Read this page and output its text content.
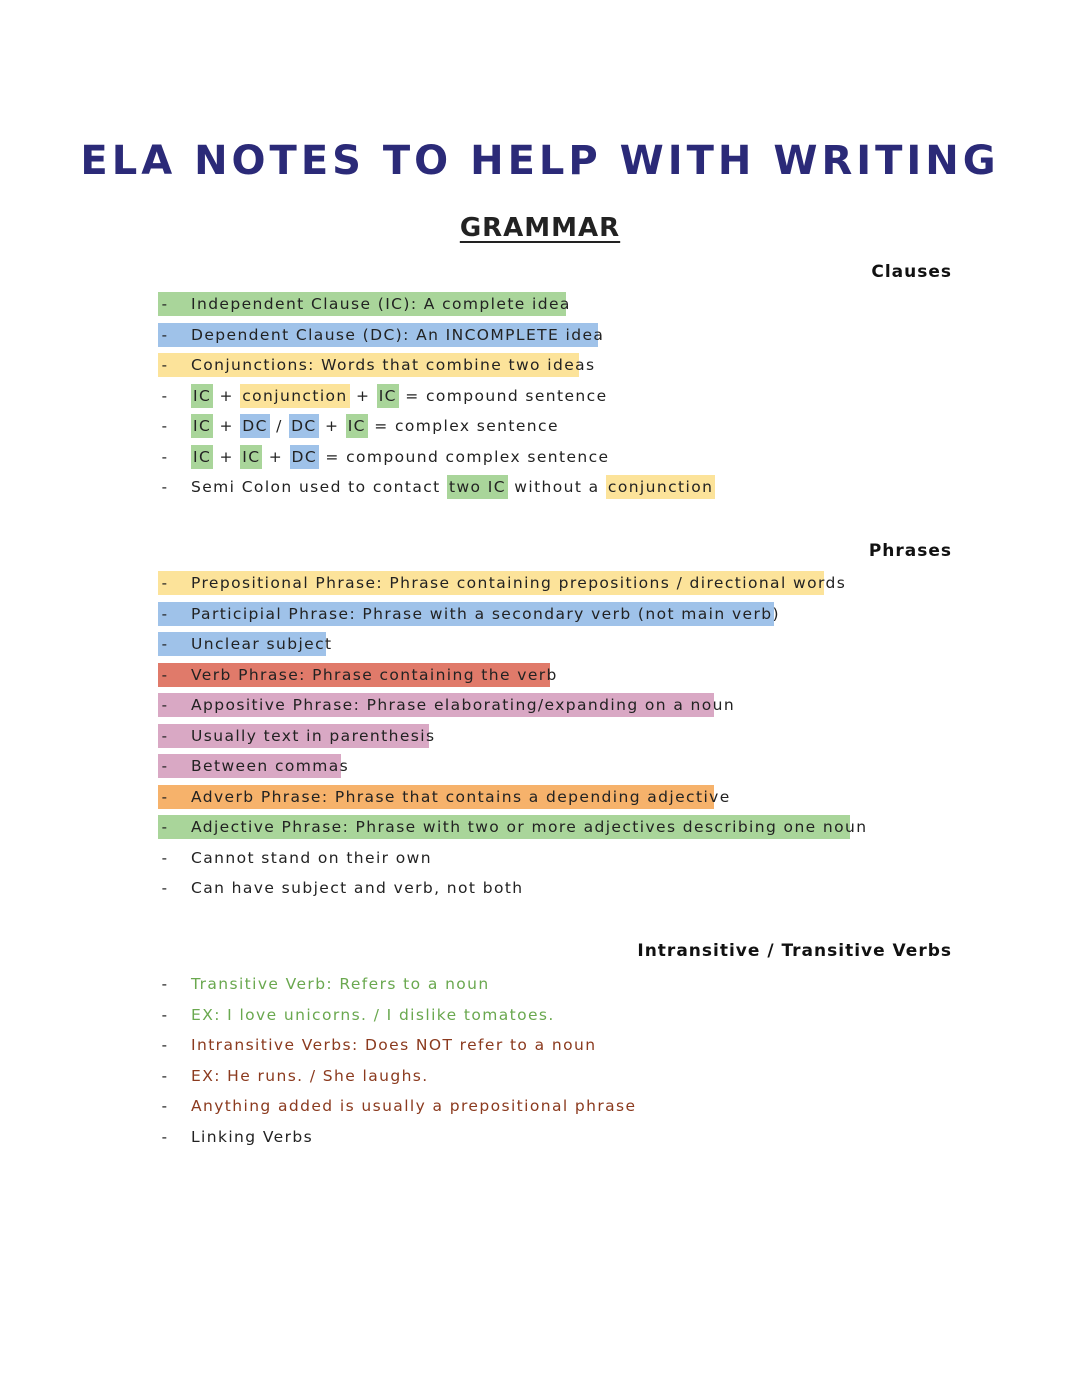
ELA NOTES TO HELP WITH WRITING
GRAMMAR
Clauses
- Independent Clause (IC): A complete idea
- Dependent Clause (DC): An INCOMPLETE idea
- Conjunctions: Words that combine two ideas
- IC + conjunction + IC = compound sentence
- IC + DC / DC + IC = complex sentence
- IC + IC + DC = compound complex sentence
- Semi Colon used to contact two IC without a conjunction
Phrases
- Prepositional Phrase: Phrase containing prepositions / directional words
- Participial Phrase: Phrase with a secondary verb (not main verb)
- Unclear subject
- Verb Phrase: Phrase containing the verb
- Appositive Phrase: Phrase elaborating/expanding on a noun
- Usually text in parenthesis
- Between commas
- Adverb Phrase: Phrase that contains a depending adjective
- Adjective Phrase: Phrase with two or more adjectives describing one noun
- Cannot stand on their own
- Can have subject and verb, not both
Intransitive / Transitive Verbs
- Transitive Verb: Refers to a noun
- EX: I love unicorns. / I dislike tomatoes.
- Intransitive Verbs: Does NOT refer to a noun
- EX: He runs. / She laughs.
- Anything added is usually a prepositional phrase
- Linking Verbs
